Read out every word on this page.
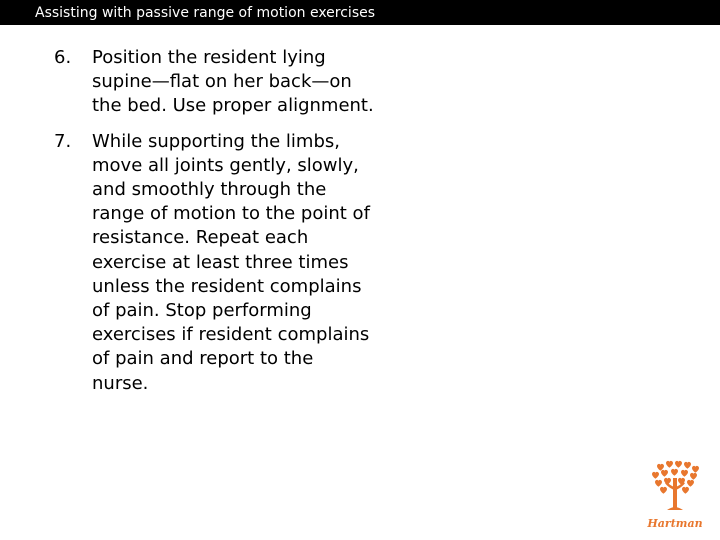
Assisting with passive range of motion exercises
6. Position the resident lying supine—flat on her back—on the bed. Use proper alignment.
7. While supporting the limbs, move all joints gently, slowly, and smoothly through the range of motion to the point of resistance. Repeat each exercise at least three times unless the resident complains of pain. Stop performing exercises if resident complains of pain and report to the nurse.
Hartman
